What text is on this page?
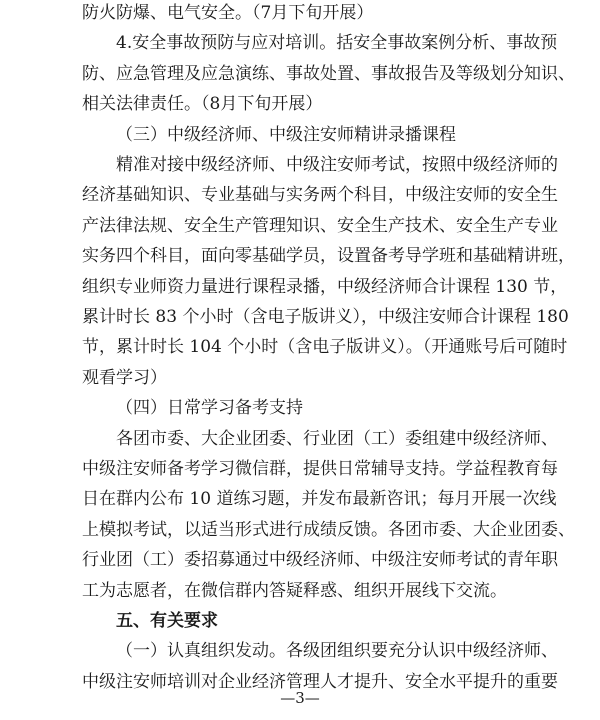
防火防爆、电气安全。（7月下旬开展）
4.安全事故预防与应对培训。括安全事故案例分析、事故预
防、应急管理及应急演练、事故处置、事故报告及等级划分知识、
相关法律责任。（8月下旬开展）
（三）中级经济师、中级注安师精讲录播课程
精准对接中级经济师、中级注安师考试，按照中级经济师的
经济基础知识、专业基础与实务两个科目，中级注安师的安全生
产法律法规、安全生产管理知识、安全生产技术、安全生产专业
实务四个科目，面向零基础学员，设置备考导学班和基础精讲班，
组织专业师资力量进行课程录播，中级经济师合计课程 130 节，
累计时长 83 个小时（含电子版讲义），中级注安师合计课程 180
节，累计时长 104 个小时（含电子版讲义）。（开通账号后可随时
观看学习）
（四）日常学习备考支持
各团市委、大企业团委、行业团（工）委组建中级经济师、
中级注安师备考学习微信群，提供日常辅导支持。学益程教育每
日在群内公布 10 道练习题，并发布最新咨讯；每月开展一次线
上模拟考试，以适当形式进行成绩反馈。各团市委、大企业团委、
行业团（工）委招募通过中级经济师、中级注安师考试的青年职
工为志愿者，在微信群内答疑释惑、组织开展线下交流。
五、有关要求
（一）认真组织发动。各级团组织要充分认识中级经济师、
中级注安师培训对企业经济管理人才提升、安全水平提升的重要
—3—
